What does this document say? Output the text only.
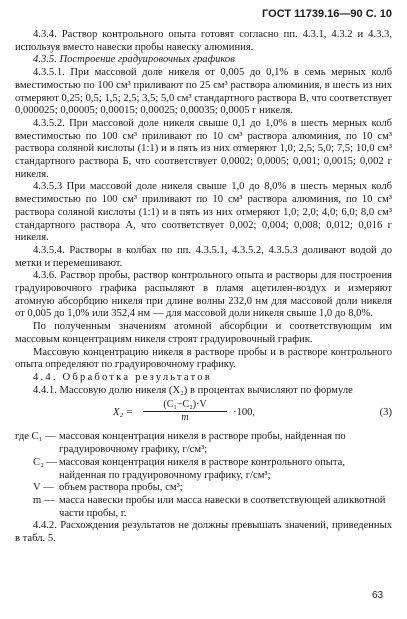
ГОСТ 11739.16—90 С. 10

4.3.4. Раствор контрольного опыта готовят согласно пп. 4.3.1, 4.3.2 и 4.3.3, используя вместо навески пробы навеску алюминия.

4.3.5. Построение градуировочных графиков

4.3.5.1. При массовой доле никеля от 0,005 до 0,1% в семь мерных колб вместимостью по 100 см³ приливают по 25 см³ раствора алюминия, в шесть из них отмеряют 0,25; 0,5; 1,5; 2,5; 3,5; 5,0 см³ стандартного раствора В, что соответствует 0,000025; 0,00005; 0,00015; 0,00025; 0,00035; 0,0005 г никеля.

4.3.5.2. При массовой доле никеля свыше 0,1 до 1,0% в шесть мерных колб вместимостью по 100 см³ приливают по 10 см³ раствора алюминия, по 10 см³ раствора соляной кислоты (1:1) и в пять из них отмеряют 1,0; 2,5; 5,0; 7,5; 10,0 см³ стандартного раствора Б, что соответствует 0,0002; 0,0005; 0,001; 0,0015; 0,002 г никеля.

4.3.5.3 При массовой доле никеля свыше 1,0 до 8,0% в шесть мерных колб вместимостью по 100 см³ приливают по 10 см³ раствора алюминия, по 10 см³ раствора соляной кислоты (1:1) и в пять из них отмеряют 1,0; 2,0; 4,0; 6,0; 8,0 см³ стандартного раствора А, что соответствует 0,002; 0,004; 0,008; 0,012; 0,016 г никеля.

4.3.5.4. Растворы в колбах по пп. 4.3.5.1, 4.3.5.2, 4.3.5.3 доливают водой до метки и перемешивают.

4.3.6. Раствор пробы, раствор контрольного опыта и растворы для построения градуировочного графика распыляют в пламя ацетилен-воздух и измеряют атомную абсорбцию никеля при длине волны 232,0 нм для массовой доли никеля от 0,005 до 1,0% или 352,4 нм — для массовой доли никеля свыше 1,0 до 8,0%.

По полученным значениям атомной абсорбции и соответствующим им массовым концентрациям никеля строят градуировочный график.

Массовую концентрацию никеля в растворе пробы и в растворе контрольного опыта определяют по градуировочному графику.

4.4. Обработка результатов

4.4.1. Массовую долю никеля (X₂) в процентах вычисляют по формуле

$X_2 = \frac{\text{(C₁−C₂)·V}}{m} \cdot 100$,	(3)
где C₁ — массовая концентрация никеля в растворе пробы, найденная по градуировочному графику, г/см³;
C₂ — массовая концентрация никеля в растворе контрольного опыта, найденная по градуировочному графику, г/см³;
V — объем раствора пробы, см³;
m — масса навески пробы или масса навески в соответствующей аликвотной части пробы, г.

4.4.2. Расхождения результатов не должны превышать значений, приведенных в табл. 5.

63
